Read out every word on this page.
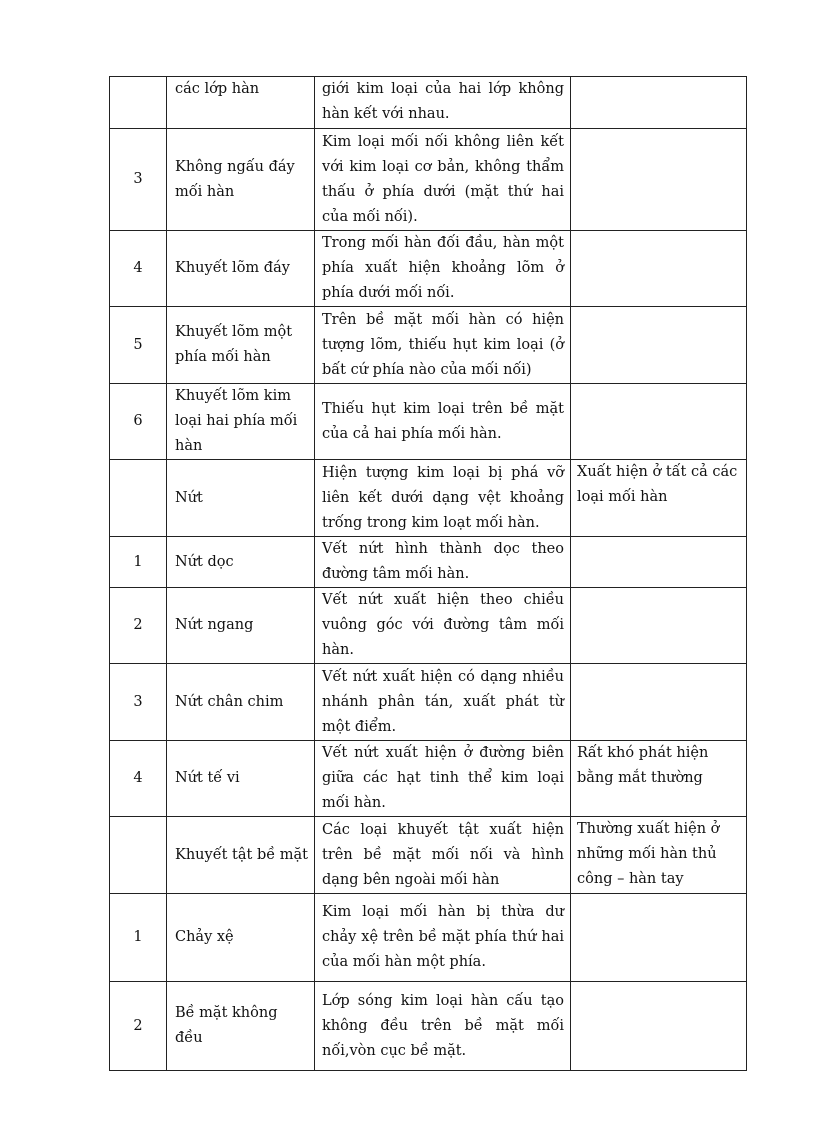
	các lớp hàn	giới kim loại của hai lớp không hàn kết với nhau.	
3	Không ngấu đáy mối hàn	Kim loại mối nối không liên kết với kim loại cơ bản, không thẩm thấu ở phía dưới (mặt thứ hai của mối nối).	
4	Khuyết lõm đáy	Trong mối hàn đối đầu, hàn một phía xuất hiện khoảng lõm ở phía dưới mối nối.	
5	Khuyết lõm một phía mối hàn	Trên bề mặt mối hàn có hiện tượng lõm, thiếu hụt kim loại (ở bất cứ phía nào của mối nối)	
6	Khuyết lõm kim loại hai phía mối hàn	Thiếu hụt kim loại trên bề mặt của cả hai phía mối hàn.	
	Nứt	Hiện tượng kim loại bị phá vỡ liên kết dưới dạng vệt khoảng trống trong kim loạt mối hàn.	Xuất hiện ở tất cả các loại mối hàn
1	Nứt dọc	Vết nứt hình thành dọc theo đường tâm mối hàn.	
2	Nứt ngang	Vết nứt xuất hiện theo chiều vuông góc với đường tâm mối hàn.	
3	Nứt chân chim	Vết nứt xuất hiện có dạng nhiều nhánh phân tán, xuất phát từ một điểm.	
4	Nứt tế vi	Vết nứt xuất hiện ở đường biên giữa các hạt tinh thể kim loại mối hàn.	Rất khó phát hiện bằng mắt thường
	Khuyết tật bề mặt	Các loại khuyết tật xuất hiện trên bề mặt mối nối và hình dạng bên ngoài mối hàn	Thường xuất hiện ở những mối hàn thủ công – hàn tay
1	Chảy xệ	Kim loại mối hàn bị thừa dư chảy xệ trên bề mặt phía thứ hai của mối hàn một phía.	
2	Bề mặt không đều	Lớp sóng kim loại hàn cấu tạo không đều trên bề mặt mối nối,vòn cục bề mặt.	
